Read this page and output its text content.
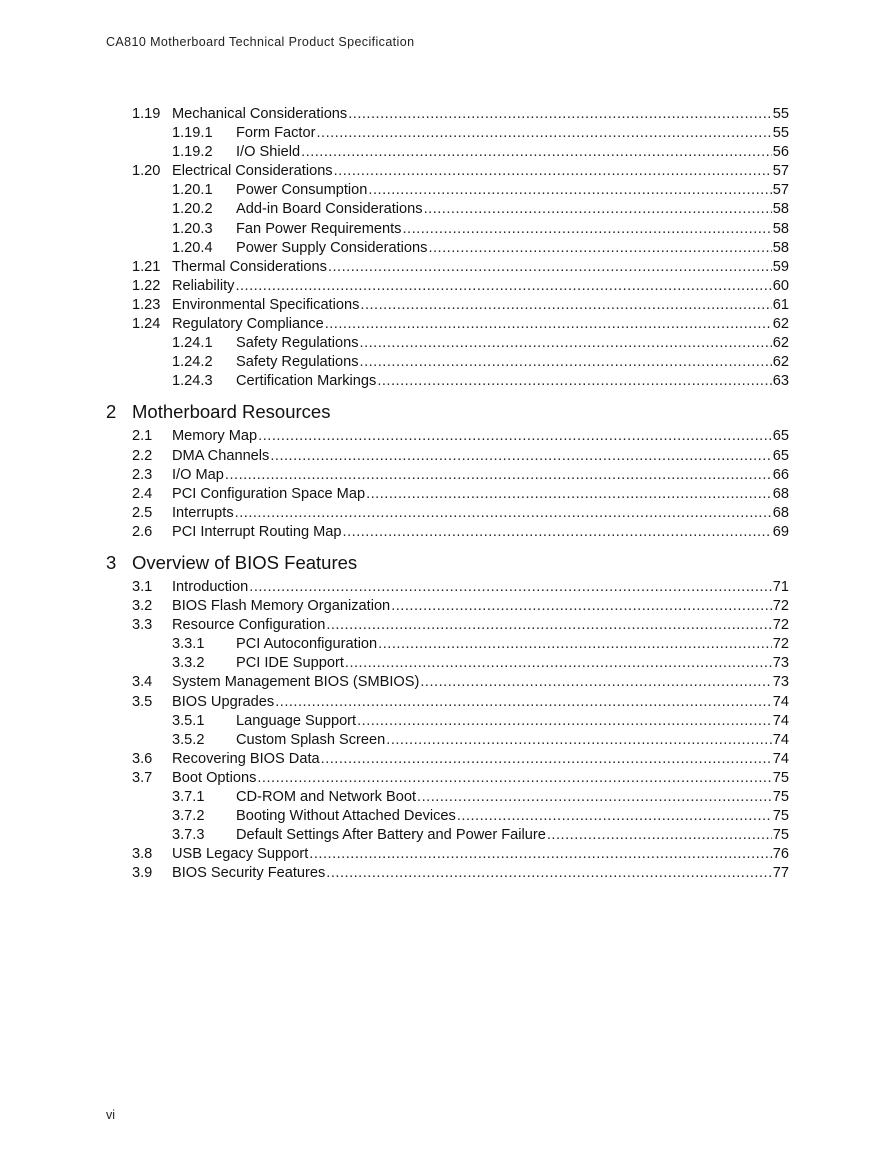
CA810 Motherboard Technical Product Specification
1.19 Mechanical Considerations .....	55
1.19.1 Form Factor .....	55
1.19.2 I/O Shield .....	56
1.20 Electrical Considerations .....	57
1.20.1 Power Consumption .....	57
1.20.2 Add-in Board Considerations .....	58
1.20.3 Fan Power Requirements .....	58
1.20.4 Power Supply Considerations .....	58
1.21 Thermal Considerations .....	59
1.22 Reliability .....	60
1.23 Environmental Specifications .....	61
1.24 Regulatory Compliance .....	62
1.24.1 Safety Regulations .....	62
1.24.2 Safety Regulations .....	62
1.24.3 Certification Markings .....	63
2 Motherboard Resources
2.1 Memory Map .....	65
2.2 DMA Channels .....	65
2.3 I/O Map .....	66
2.4 PCI Configuration Space Map .....	68
2.5 Interrupts .....	68
2.6 PCI Interrupt Routing Map .....	69
3 Overview of BIOS Features
3.1 Introduction .....	71
3.2 BIOS Flash Memory Organization .....	72
3.3 Resource Configuration .....	72
3.3.1 PCI Autoconfiguration .....	72
3.3.2 PCI IDE Support .....	73
3.4 System Management BIOS (SMBIOS) .....	73
3.5 BIOS Upgrades .....	74
3.5.1 Language Support .....	74
3.5.2 Custom Splash Screen .....	74
3.6 Recovering BIOS Data .....	74
3.7 Boot Options .....	75
3.7.1 CD-ROM and Network Boot .....	75
3.7.2 Booting Without Attached Devices .....	75
3.7.3 Default Settings After Battery and Power Failure .....	75
3.8 USB Legacy Support .....	76
3.9 BIOS Security Features .....	77
vi
